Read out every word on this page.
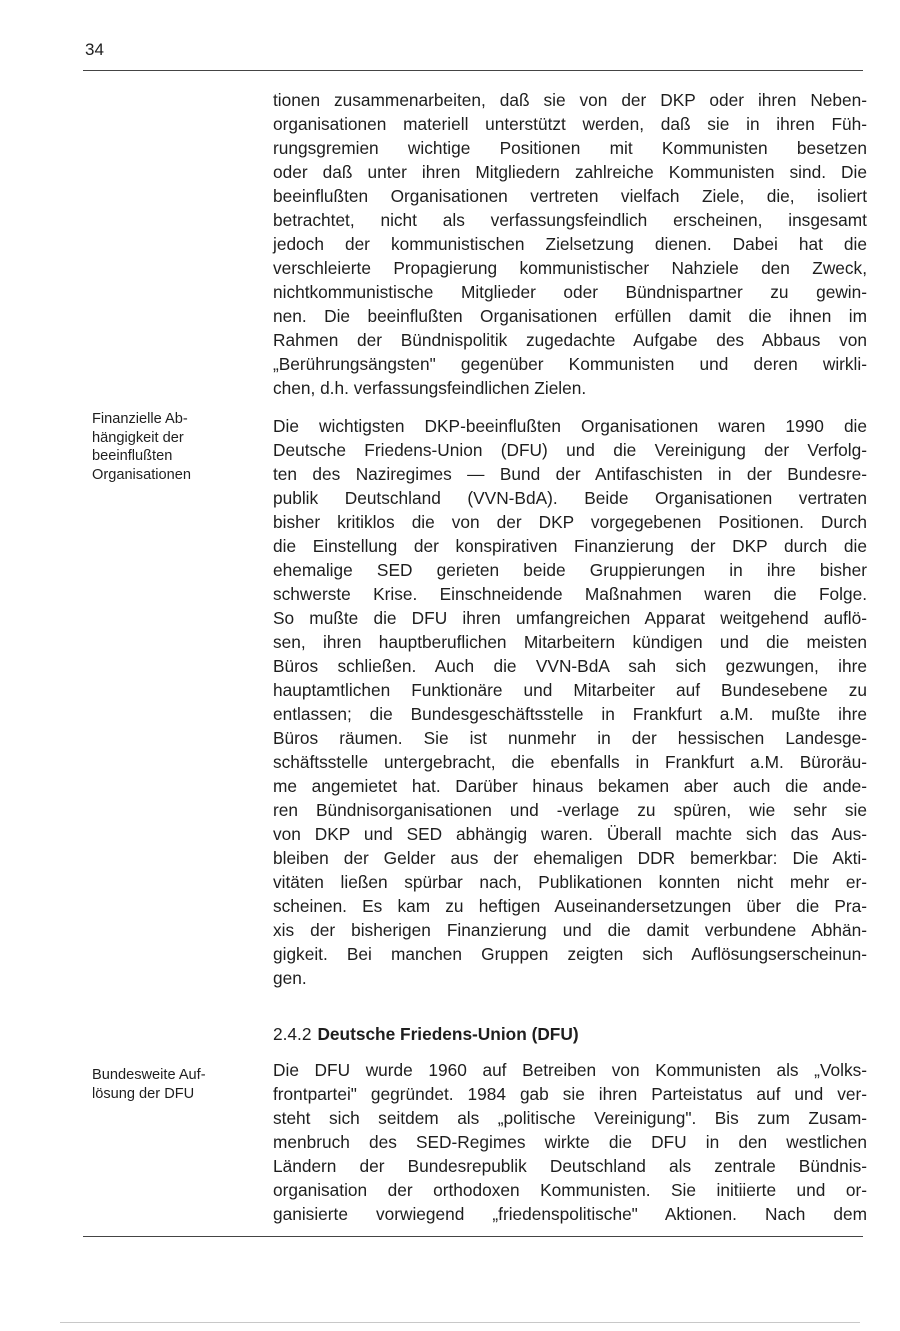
34

tionen zusammenarbeiten, daß sie von der DKP oder ihren Neben-
organisationen materiell unterstützt werden, daß sie in ihren Füh-
rungsgremien wichtige Positionen mit Kommunisten besetzen
oder daß unter ihren Mitgliedern zahlreiche Kommunisten sind. Die
beeinflußten Organisationen vertreten vielfach Ziele, die, isoliert
betrachtet, nicht als verfassungsfeindlich erscheinen, insgesamt
jedoch der kommunistischen Zielsetzung dienen. Dabei hat die
verschleierte Propagierung kommunistischer Nahziele den Zweck,
nichtkommunistische Mitglieder oder Bündnispartner zu gewin-
nen. Die beeinflußten Organisationen erfüllen damit die ihnen im
Rahmen der Bündnispolitik zugedachte Aufgabe des Abbaus von
„Berührungsängsten" gegenüber Kommunisten und deren wirkli-
chen, d.h. verfassungsfeindlichen Zielen.

Finanzielle Ab-
hängigkeit der
beeinflußten
Organisationen

Die wichtigsten DKP-beeinflußten Organisationen waren 1990 die
Deutsche Friedens-Union (DFU) und die Vereinigung der Verfolg-
ten des Naziregimes — Bund der Antifaschisten in der Bundesre-
publik Deutschland (VVN-BdA). Beide Organisationen vertraten
bisher kritiklos die von der DKP vorgegebenen Positionen. Durch
die Einstellung der konspirativen Finanzierung der DKP durch die
ehemalige SED gerieten beide Gruppierungen in ihre bisher
schwerste Krise. Einschneidende Maßnahmen waren die Folge.
So mußte die DFU ihren umfangreichen Apparat weitgehend auflö-
sen, ihren hauptberuflichen Mitarbeitern kündigen und die meisten
Büros schließen. Auch die VVN-BdA sah sich gezwungen, ihre
hauptamtlichen Funktionäre und Mitarbeiter auf Bundesebene zu
entlassen; die Bundesgeschäftsstelle in Frankfurt a.M. mußte ihre
Büros räumen. Sie ist nunmehr in der hessischen Landesge-
schäftsstelle untergebracht, die ebenfalls in Frankfurt a.M. Büroräu-
me angemietet hat. Darüber hinaus bekamen aber auch die ande-
ren Bündnisorganisationen und -verlage zu spüren, wie sehr sie
von DKP und SED abhängig waren. Überall machte sich das Aus-
bleiben der Gelder aus der ehemaligen DDR bemerkbar: Die Akti-
vitäten ließen spürbar nach, Publikationen konnten nicht mehr er-
scheinen. Es kam zu heftigen Auseinandersetzungen über die Pra-
xis der bisherigen Finanzierung und die damit verbundene Abhän-
gigkeit. Bei manchen Gruppen zeigten sich Auflösungserscheinun-
gen.

2.4.2 Deutsche Friedens-Union (DFU)
Bundesweite Auf-
lösung der DFU

Die DFU wurde 1960 auf Betreiben von Kommunisten als „Volks-
frontpartei" gegründet. 1984 gab sie ihren Parteistatus auf und ver-
steht sich seitdem als „politische Vereinigung". Bis zum Zusam-
menbruch des SED-Regimes wirkte die DFU in den westlichen
Ländern der Bundesrepublik Deutschland als zentrale Bündnis-
organisation der orthodoxen Kommunisten. Sie initiierte und or-
ganisierte vorwiegend „friedenspolitische" Aktionen. Nach dem
